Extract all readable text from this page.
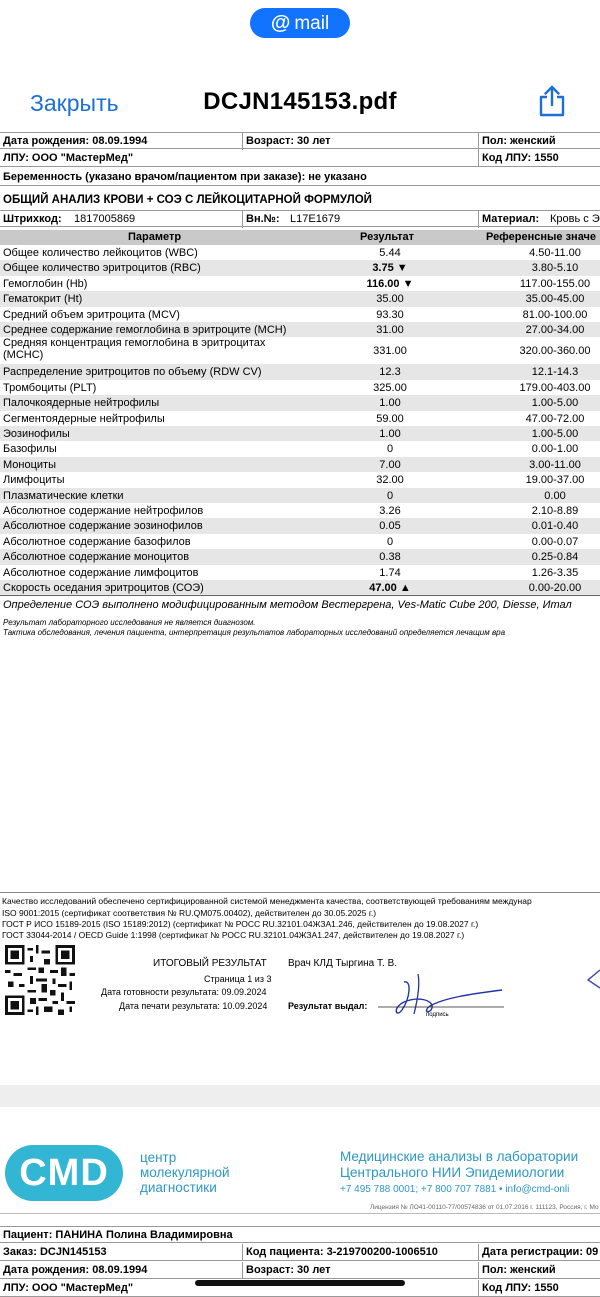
@ mail
DCJN145153.pdf
Закрыть
Дата рождения: 08.09.1994	Возраст: 30 лет	Пол: женский
ЛПУ: ООО "МастерМед"	Код ЛПУ: 1550
Беременность (указано врачом/пациентом при заказе): не указано
ОБЩИЙ АНАЛИЗ КРОВИ + СОЭ С ЛЕЙКОЦИТАРНОЙ ФОРМУЛОЙ
Штрихкод: 1817005869	Вн.№: L17E1679	Материал: Кровь с Э
Параметр	Результат	Референсные значе
Общее количество лейкоцитов (WBC)	5.44	4.50-11.00
Общее количество эритроцитов (RBC)	3.75 ▼	3.80-5.10
Гемоглобин (Hb)	116.00 ▼	117.00-155.00
Гематокрит (Ht)	35.00	35.00-45.00
Средний объем эритроцита (MCV)	93.30	81.00-100.00
Среднее содержание гемоглобина в эритроците (MCH)	31.00	27.00-34.00
Средняя концентрация гемоглобина в эритроцитах (MCHC)	331.00	320.00-360.00
Распределение эритроцитов по объему (RDW CV)	12.3	12.1-14.3
Тромбоциты (PLT)	325.00	179.00-403.00
Палочкоядерные нейтрофилы	1.00	1.00-5.00
Сегментоядерные нейтрофилы	59.00	47.00-72.00
Эозинофилы	1.00	1.00-5.00
Базофилы	0	0.00-1.00
Моноциты	7.00	3.00-11.00
Лимфоциты	32.00	19.00-37.00
Плазматические клетки	0	0.00
Абсолютное содержание нейтрофилов	3.26	2.10-8.89
Абсолютное содержание эозинофилов	0.05	0.01-0.40
Абсолютное содержание базофилов	0	0.00-0.07
Абсолютное содержание моноцитов	0.38	0.25-0.84
Абсолютное содержание лимфоцитов	1.74	1.26-3.35
Скорость оседания эритроцитов (СОЭ)	47.00 ▲	0.00-20.00
Определение СОЭ выполнено модифицированным методом Вестергрена, Ves-Matic Cube 200, Diesse, Итал
Результат лабораторного исследования не является диагнозом.
Тактика обследования, лечения пациента, интерпретация результатов лабораторных исследований определяется лечащим вра
Качество исследований обеспечено сертифицированной системой менеджмента качества, соответствующей требованиям междунар
ISO 9001:2015 (сертификат соответствия № RU.QM075.00402), действителен до 30.05.2025 г.)
ГОСТ Р ИСО 15189-2015 (ISO 15189:2012) (сертификат № РОСС RU.32101.04ЖЗА1.246, действителен до 19.08.2027 г.)
ГОСТ 33044-2014 / OECD Guide 1:1998 (сертификат № РОСС RU.32101.04ЖЗА1.247, действителен до 19.08.2027 г.)
ИТОГОВЫЙ РЕЗУЛЬТАТ
Страница 1 из 3
Дата готовности результата: 09.09.2024
Дата печати результата: 10.09.2024
Врач КЛД Тыргина Т. В.
Результат выдал:
подпись
CMD	центр
молекулярной
диагностики
Медицинские анализы в лаборатории
Центрального НИИ Эпидемиологии
+7 495 788 0001; +7 800 707 7881 • info@cmd-onli
Лицензия № ЛО41-00110-77/00574836 от 01.07.2016 г. 111123, Россия, г. Мо
Пациент: ПАНИНА Полина Владимировна
Заказ: DCJN145153	Код пациента: 3-219700200-1006510	Дата регистрации: 09
Дата рождения: 08.09.1994	Возраст: 30 лет	Пол: женский
ЛПУ: ООО "МастерМед"	Код ЛПУ: 1550
